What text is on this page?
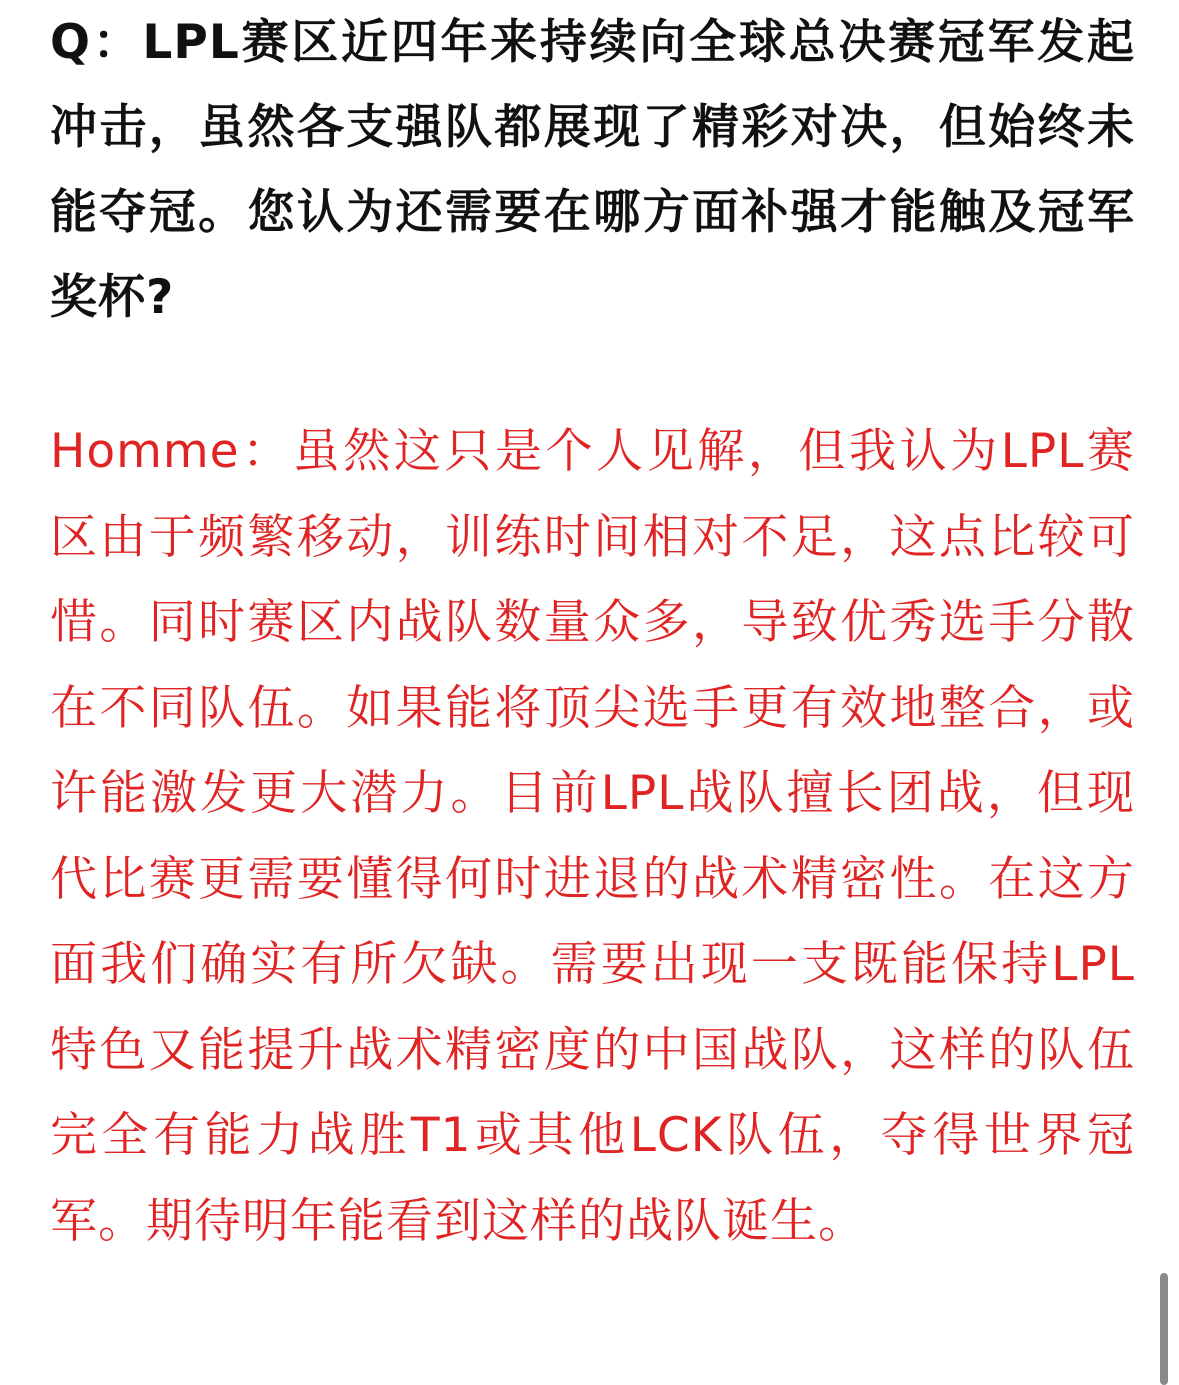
Q：LPL赛区近四年来持续向全球总决赛冠军发起冲击，虽然各支强队都展现了精彩对决，但始终未能夺冠。您认为还需要在哪方面补强才能触及冠军奖杯?

Homme：虽然这只是个人见解，但我认为LPL赛区由于频繁移动，训练时间相对不足，这点比较可惜。同时赛区内战队数量众多，导致优秀选手分散在不同队伍。如果能将顶尖选手更有效地整合，或许能激发更大潜力。目前LPL战队擅长团战，但现代比赛更需要懂得何时进退的战术精密性。在这方面我们确实有所欠缺。需要出现一支既能保持LPL特色又能提升战术精密度的中国战队，这样的队伍完全有能力战胜T1或其他LCK队伍，夺得世界冠军。期待明年能看到这样的战队诞生。
